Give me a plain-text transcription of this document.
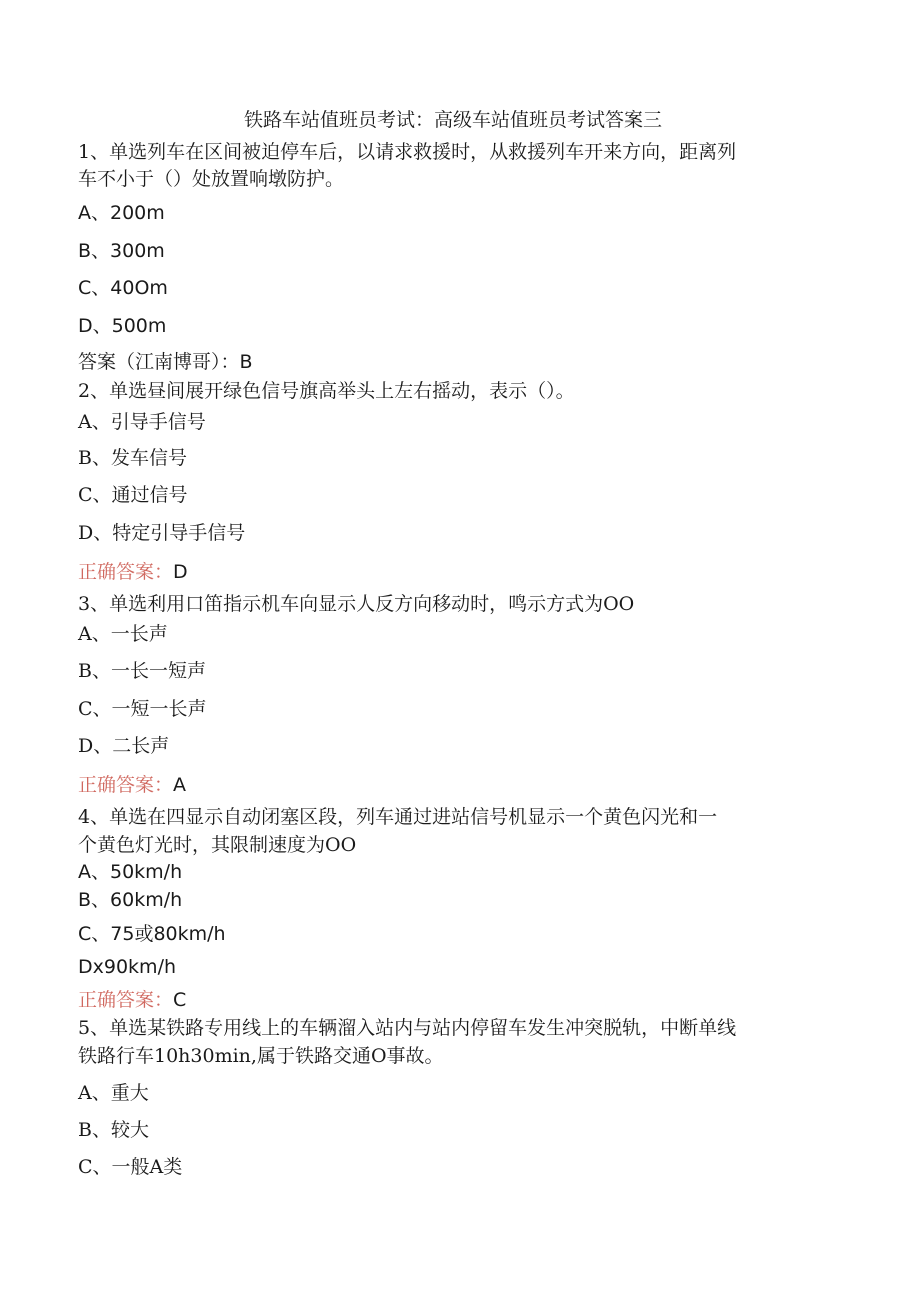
铁路车站值班员考试：高级车站值班员考试答案三
1、单选列车在区间被迫停车后，以请求救援时，从救援列车开来方向，距离列
车不小于（）处放置响墩防护。
A、200m
B、300m
C、40Om
D、500m
答案（江南博哥）：B
2、单选昼间展开绿色信号旗高举头上左右摇动，表示（）。
A、引导手信号
B、发车信号
C、通过信号
D、特定引导手信号
正确答案：D
3、单选利用口笛指示机车向显示人反方向移动时，鸣示方式为OO
A、一长声
B、一长一短声
C、一短一长声
D、二长声
正确答案：A
4、单选在四显示自动闭塞区段，列车通过进站信号机显示一个黄色闪光和一
个黄色灯光时，其限制速度为OO
A、50km∕h
B、60km∕h
C、75或80km∕h
Dx90km∕h
正确答案：C
5、单选某铁路专用线上的车辆溜入站内与站内停留车发生冲突脱轨，中断单线
铁路行车10h30min,属于铁路交通O事故。
A、重大
B、较大
C、一般A类
